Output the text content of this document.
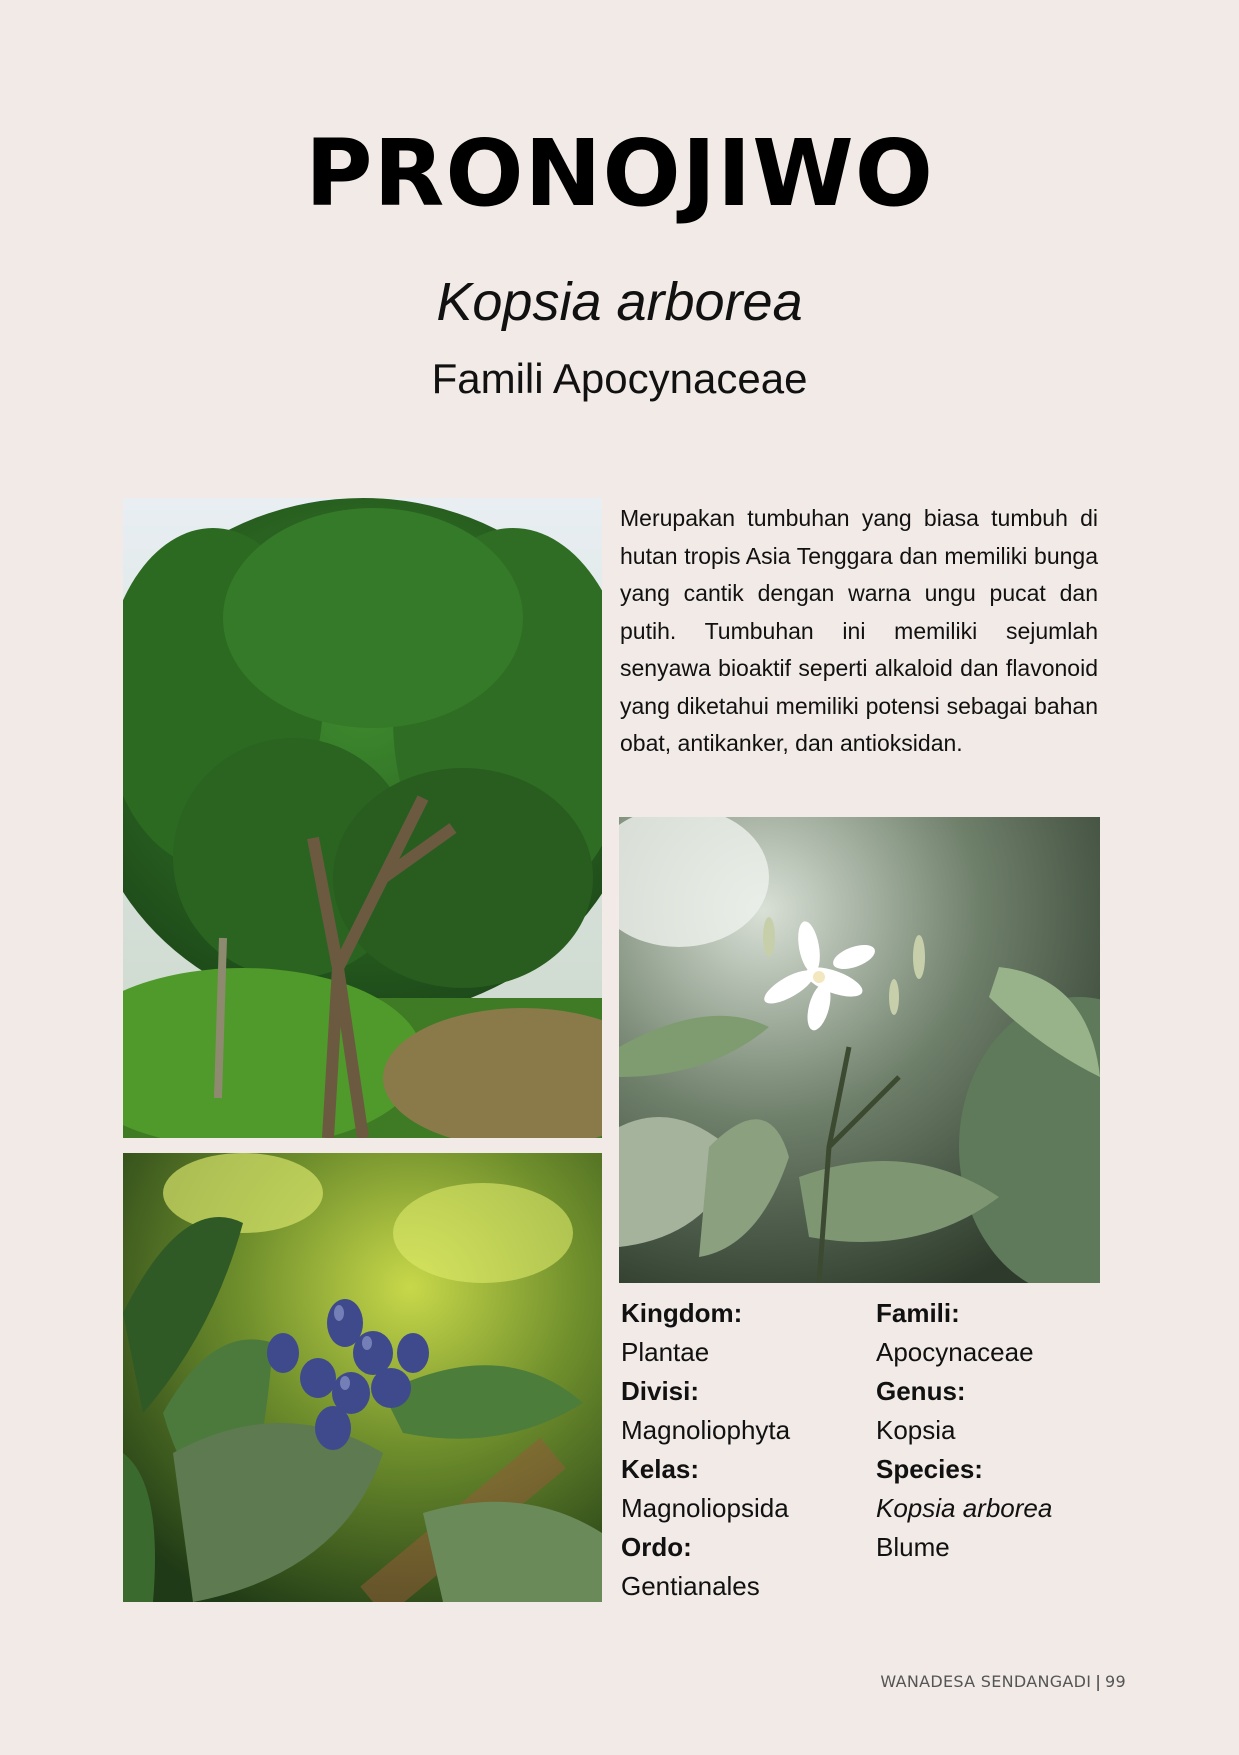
PRONOJIWO
Kopsia arborea
Famili Apocynaceae

Merupakan tumbuhan yang biasa tumbuh di hutan tropis Asia Tenggara dan memiliki bunga yang cantik dengan warna ungu pucat dan putih. Tumbuhan ini memiliki sejumlah senyawa bioaktif seperti alkaloid dan flavonoid yang diketahui memiliki potensi sebagai bahan obat, antikanker, dan antioksidan.

Kingdom:
Plantae
Divisi:
Magnoliophyta
Kelas:
Magnoliopsida
Ordo:
Gentianales
Famili:
Apocynaceae
Genus:
Kopsia
Species:
Kopsia arborea
Blume
WANADESA SENDANGADI | 99
